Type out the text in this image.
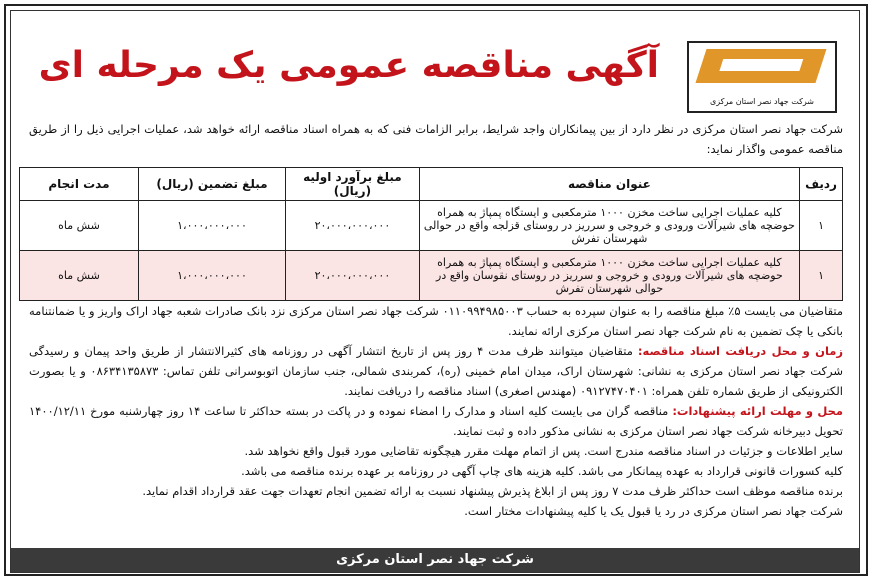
شرکت جهاد نصر استان مرکزی
آگهی مناقصه عمومی یک مرحله ای
شرکت جهاد نصر استان مرکزی در نظر دارد از بین پیمانکاران واجد شرایط، برابر الزامات فنی که به همراه اسناد مناقصه ارائه خواهد شد، عملیات اجرایی ذیل را از طریق مناقصه عمومی واگذار نماید:
ردیف	عنوان مناقصه	مبلغ برآورد اولیه (ریال)	مبلغ تضمین (ریال)	مدت انجام
۱	کلیه عملیات اجرایی ساخت مخزن ۱۰۰۰ مترمکعبی و ایستگاه پمپاژ به همراه حوضچه های شیرآلات ورودی و خروجی و سرریز در روستای قزلجه واقع در حوالی شهرستان تفرش	۲۰،۰۰۰،۰۰۰،۰۰۰	۱،۰۰۰،۰۰۰،۰۰۰	شش ماه
۱	کلیه عملیات اجرایی ساخت مخزن ۱۰۰۰ مترمکعبی و ایستگاه پمپاژ به همراه حوضچه های شیرآلات ورودی و خروجی و سرریز در روستای نقوسان واقع در حوالی شهرستان تفرش	۲۰،۰۰۰،۰۰۰،۰۰۰	۱،۰۰۰،۰۰۰،۰۰۰	شش ماه

متقاضیان می بایست ۵٪ مبلغ مناقصه را به عنوان سپرده به حساب ۰۱۱۰۹۹۴۹۸۵۰۰۳ شرکت جهاد نصر استان مرکزی نزد بانک صادرات شعبه جهاد اراک واریز و یا ضمانتنامه بانکی یا چک تضمین به نام شرکت جهاد نصر استان مرکزی ارائه نمایند.

زمان و محل دریافت اسناد مناقصه: متقاضیان میتوانند ظرف مدت ۴ روز پس از تاریخ انتشار آگهی در روزنامه های کثیرالانتشار از طریق واحد پیمان و رسیدگی شرکت جهاد نصر استان مرکزی به نشانی: شهرستان اراک، میدان امام خمینی (ره)، کمربندی شمالی، جنب سازمان اتوبوسرانی تلفن تماس: ۰۸۶۳۴۱۳۵۸۷۳ و یا بصورت الکترونیکی از طریق شماره تلفن همراه: ۰۹۱۲۷۴۷۰۴۰۱ (مهندس اصغری) اسناد مناقصه را دریافت نمایند.

محل و مهلت ارائه پیشنهادات: مناقصه گران می بایست کلیه اسناد و مدارک را امضاء نموده و در پاکت در بسته حداکثر تا ساعت ۱۴ روز چهارشنبه مورخ ۱۴۰۰/۱۲/۱۱ تحویل دبیرخانه شرکت جهاد نصر استان مرکزی به نشانی مذکور داده و ثبت نمایند.

سایر اطلاعات و جزئیات در اسناد مناقصه مندرج است. پس از اتمام مهلت مقرر هیچگونه تقاضایی مورد قبول واقع نخواهد شد.

کلیه کسورات قانونی قرارداد به عهده پیمانکار می باشد. کلیه هزینه های چاپ آگهی در روزنامه بر عهده برنده مناقصه می باشد.

برنده مناقصه موظف است حداکثر ظرف مدت ۷ روز پس از ابلاغ پذیرش پیشنهاد نسبت به ارائه تضمین انجام تعهدات جهت عقد قرارداد اقدام نماید.

شرکت جهاد نصر استان مرکزی در رد یا قبول یک یا کلیه پیشنهادات مختار است.

شرکت جهاد نصر استان مرکزی
